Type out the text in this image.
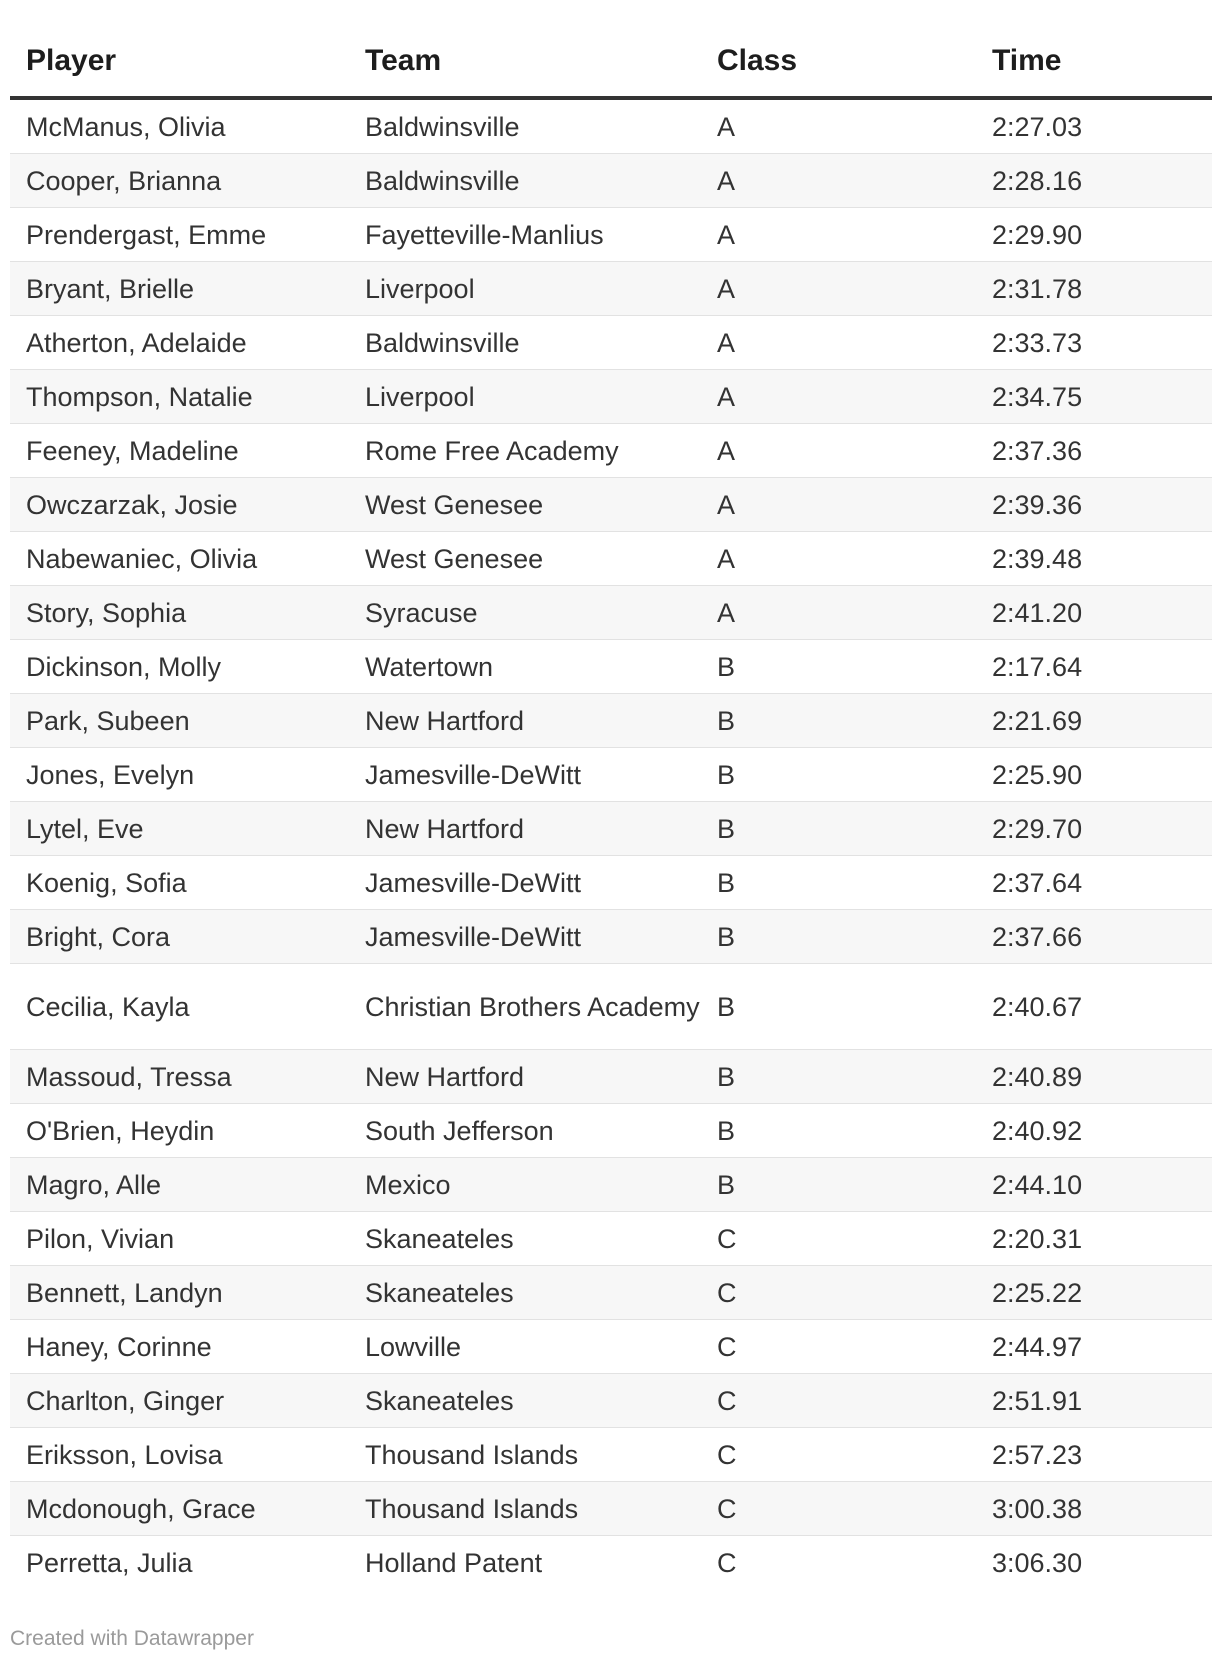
Player	Team	Class	Time
McManus, Olivia	Baldwinsville	A	2:27.03
Cooper, Brianna	Baldwinsville	A	2:28.16
Prendergast, Emme	Fayetteville-Manlius	A	2:29.90
Bryant, Brielle	Liverpool	A	2:31.78
Atherton, Adelaide	Baldwinsville	A	2:33.73
Thompson, Natalie	Liverpool	A	2:34.75
Feeney, Madeline	Rome Free Academy	A	2:37.36
Owczarzak, Josie	West Genesee	A	2:39.36
Nabewaniec, Olivia	West Genesee	A	2:39.48
Story, Sophia	Syracuse	A	2:41.20
Dickinson, Molly	Watertown	B	2:17.64
Park, Subeen	New Hartford	B	2:21.69
Jones, Evelyn	Jamesville-DeWitt	B	2:25.90
Lytel, Eve	New Hartford	B	2:29.70
Koenig, Sofia	Jamesville-DeWitt	B	2:37.64
Bright, Cora	Jamesville-DeWitt	B	2:37.66
Cecilia, Kayla	Christian Brothers Academy	B	2:40.67
Massoud, Tressa	New Hartford	B	2:40.89
O'Brien, Heydin	South Jefferson	B	2:40.92
Magro, Alle	Mexico	B	2:44.10
Pilon, Vivian	Skaneateles	C	2:20.31
Bennett, Landyn	Skaneateles	C	2:25.22
Haney, Corinne	Lowville	C	2:44.97
Charlton, Ginger	Skaneateles	C	2:51.91
Eriksson, Lovisa	Thousand Islands	C	2:57.23
Mcdonough, Grace	Thousand Islands	C	3:00.38
Perretta, Julia	Holland Patent	C	3:06.30
Created with Datawrapper
